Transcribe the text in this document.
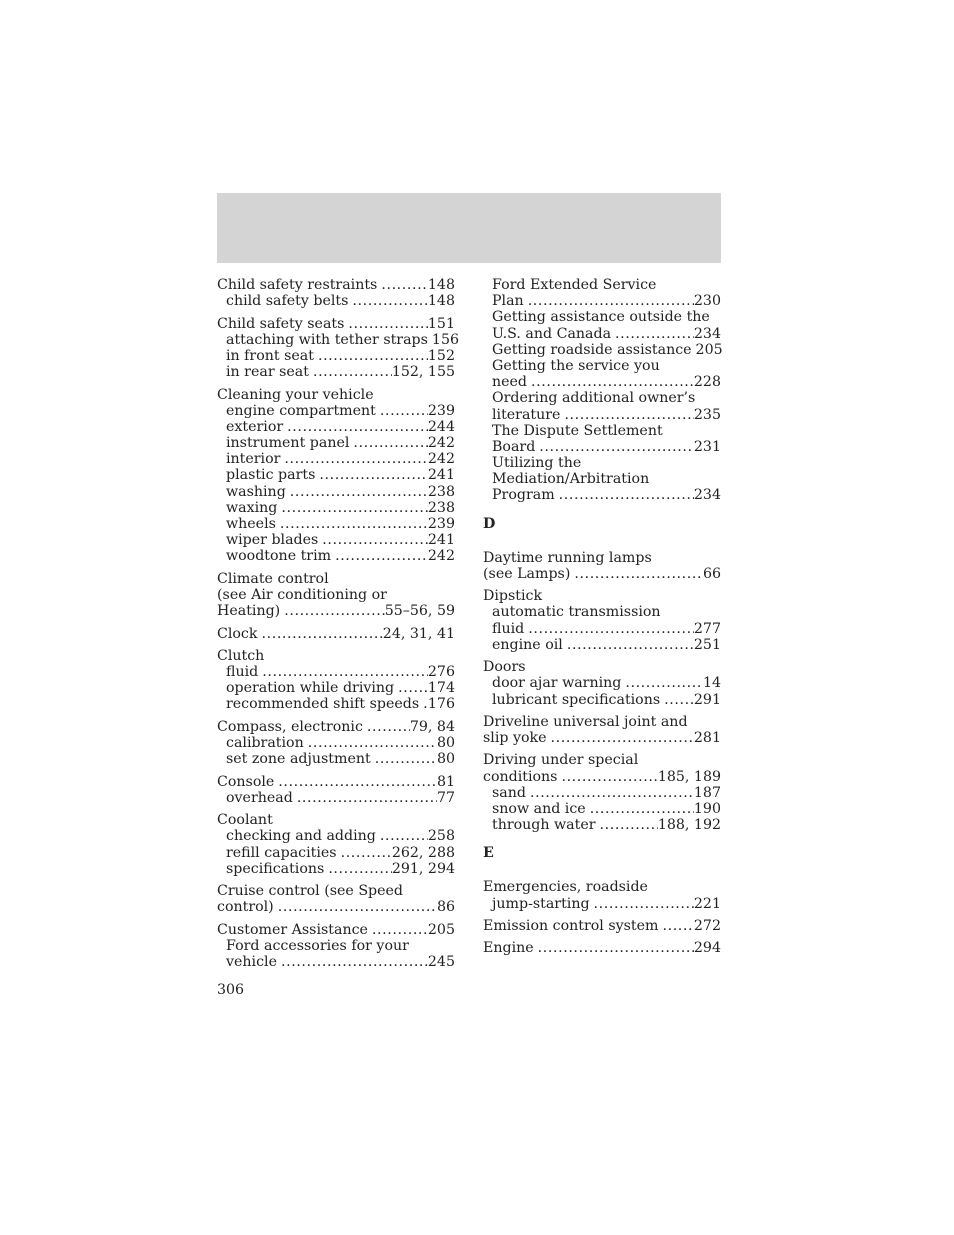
Child safety restraints .....	148
child safety belts .....	148
Child safety seats .....	151
attaching with tether straps 156
in front seat .....	152
in rear seat .....	152, 155
Cleaning your vehicle
engine compartment .....	239
exterior .....	244
instrument panel .....	242
interior .....	242
plastic parts .....	241
washing .....	238
waxing .....	238
wheels .....	239
wiper blades .....	241
woodtone trim .....	242
Climate control
(see Air conditioning or
Heating) .....	55–56, 59
Clock .....	24, 31, 41
Clutch
fluid .....	276
operation while driving ..... 174
recommended shift speeds ..... 176
Compass, electronic .....	79, 84
calibration .....	80
set zone adjustment .....	80
Console .....	81
overhead .....	77
Coolant
checking and adding .....	258
refill capacities .....	262, 288
specifications .....	291, 294
Cruise control (see Speed
control) .....	86
Customer Assistance .....	205
Ford accessories for your
vehicle .....	245
Ford Extended Service
Plan .....	230
Getting assistance outside the
U.S. and Canada .....	234
Getting roadside assistance 205
Getting the service you
need .....	228
Ordering additional owner’s
literature .....	235
The Dispute Settlement
Board .....	231
Utilizing the
Mediation/Arbitration
Program .....	234
D
Daytime running lamps
(see Lamps) .....	66
Dipstick
automatic transmission
fluid .....	277
engine oil .....	251
Doors
door ajar warning .....	14
lubricant specifications ..... 291
Driveline universal joint and
slip yoke .....	281
Driving under special
conditions .....	185, 189
sand .....	187
snow and ice .....	190
through water .....	188, 192
E
Emergencies, roadside
jump-starting .....	221
Emission control system ..... 272
Engine .....	294
306
